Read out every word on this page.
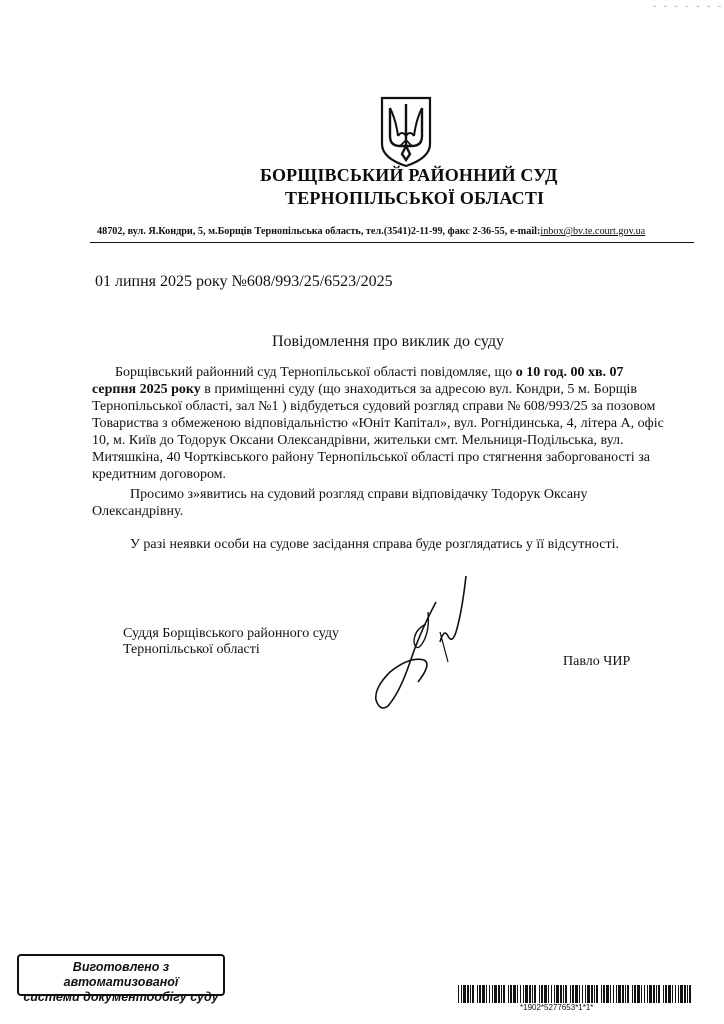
- - - - - - -
БОРЩІВСЬКИЙ РАЙОННИЙ СУД
ТЕРНОПІЛЬСЬКОЇ ОБЛАСТІ
48702, вул. Я.Кондри, 5, м.Борщів Тернопільська область, тел.(3541)2-11-99, факс 2-36-55, e-mail:inbox@bv.te.court.gov.ua
01 липня 2025 року №608/993/25/6523/2025
Повідомлення про виклик до суду
Борщівський районний суд Тернопільської області повідомляє, що о 10 год. 00 хв. 07
серпня 2025 року в приміщенні суду (що знаходиться за адресою вул. Кондри, 5 м. Борщів
Тернопільської області, зал №1 ) відбудеться судовий розгляд справи № 608/993/25 за позовом
Товариства з обмеженою відповідальністю «Юніт Капітал», вул. Рогнідинська, 4, літера А, офіс
10, м. Київ до Тодорук Оксани Олександрівни, жительки смт. Мельниця-Подільська, вул.
Митяшкіна, 40 Чортківського району Тернопільської області про стягнення заборгованості за
кредитним договором.
Просимо з»явитись на судовий розгляд справи відповідачку Тодорук Оксану
Олександрівну.
У разі неявки особи на судове засідання справа буде розглядатись у її відсутності.
Суддя Борщівського районного суду
Тернопільської області
Павло ЧИР
Виготовлено з автоматизованої
системи документообігу суду
*1902*5277653*1*1*
